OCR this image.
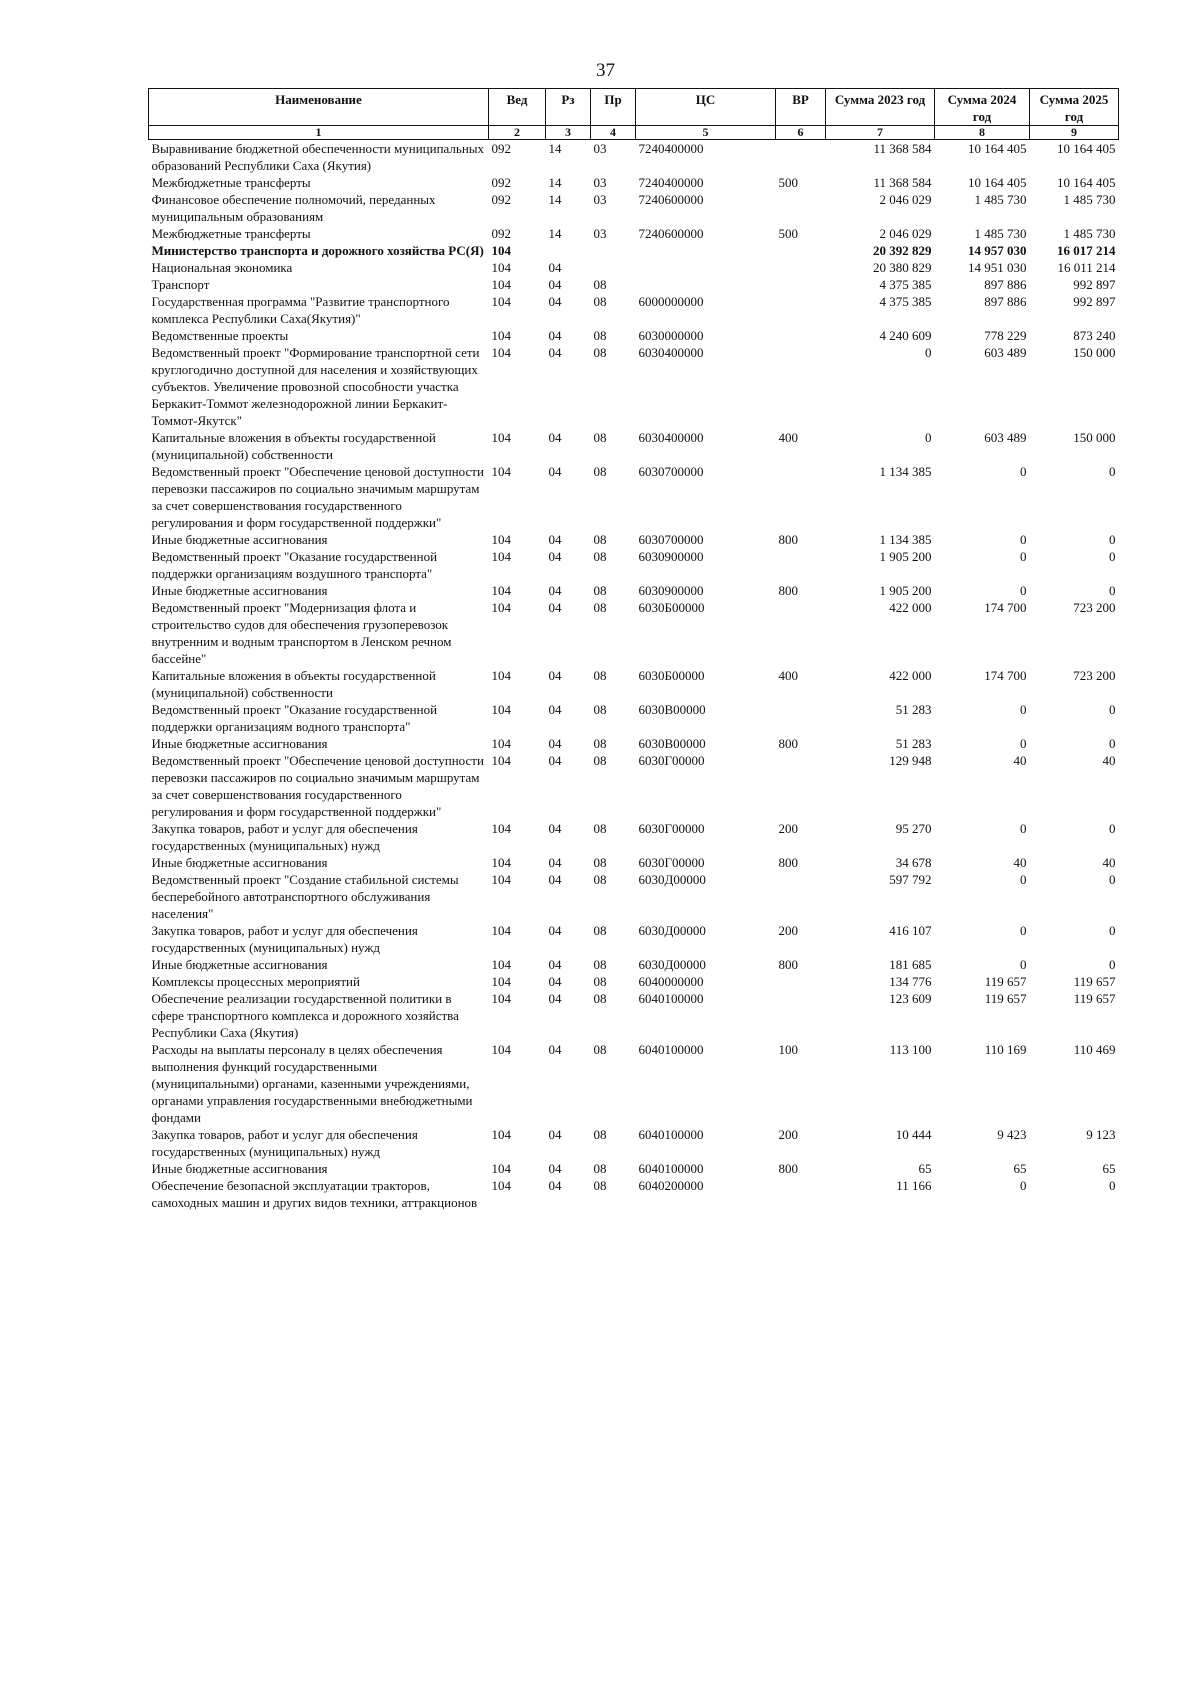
37
Наименование	Вед	Рз	Пр	ЦС	ВР	Сумма 2023 год	Сумма 2024 год	Сумма 2025 год
1	2	3	4	5	6	7	8	9
Выравнивание бюджетной обеспеченности муниципальных образований Республики Саха (Якутия)	092	14	03	7240400000		11 368 584	10 164 405	10 164 405
Межбюджетные трансферты	092	14	03	7240400000	500	11 368 584	10 164 405	10 164 405
Финансовое обеспечение полномочий, переданных муниципальным образованиям	092	14	03	7240600000		2 046 029	1 485 730	1 485 730
Межбюджетные трансферты	092	14	03	7240600000	500	2 046 029	1 485 730	1 485 730
Министерство транспорта и дорожного хозяйства РС(Я)	104					20 392 829	14 957 030	16 017 214
Национальная экономика	104	04				20 380 829	14 951 030	16 011 214
Транспорт	104	04	08			4 375 385	897 886	992 897
Государственная программа "Развитие транспортного комплекса Республики Саха(Якутия)"	104	04	08	6000000000		4 375 385	897 886	992 897
Ведомственные проекты	104	04	08	6030000000		4 240 609	778 229	873 240
Ведомственный проект "Формирование транспортной сети круглогодично доступной для населения и хозяйствующих субъектов. Увеличение провозной способности участка Беркакит-Томмот железнодорожной линии Беркакит-Томмот-Якутск"	104	04	08	6030400000		0	603 489	150 000
Капитальные вложения в объекты государственной (муниципальной) собственности	104	04	08	6030400000	400	0	603 489	150 000
Ведомственный проект "Обеспечение ценовой доступности перевозки пассажиров по социально значимым маршрутам за счет совершенствования государственного регулирования и форм государственной поддержки"	104	04	08	6030700000		1 134 385	0	0
Иные бюджетные ассигнования	104	04	08	6030700000	800	1 134 385	0	0
Ведомственный проект "Оказание государственной поддержки организациям воздушного транспорта"	104	04	08	6030900000		1 905 200	0	0
Иные бюджетные ассигнования	104	04	08	6030900000	800	1 905 200	0	0
Ведомственный проект "Модернизация флота и строительство судов для обеспечения грузоперевозок внутренним и водным транспортом в Ленском речном бассейне"	104	04	08	6030Б00000		422 000	174 700	723 200
Капитальные вложения в объекты государственной (муниципальной) собственности	104	04	08	6030Б00000	400	422 000	174 700	723 200
Ведомственный проект "Оказание государственной поддержки организациям водного транспорта"	104	04	08	6030В00000		51 283	0	0
Иные бюджетные ассигнования	104	04	08	6030В00000	800	51 283	0	0
Ведомственный проект "Обеспечение ценовой доступности перевозки пассажиров по социально значимым маршрутам за счет совершенствования государственного регулирования и форм государственной поддержки"	104	04	08	6030Г00000		129 948	40	40
Закупка товаров, работ и услуг для обеспечения государственных (муниципальных) нужд	104	04	08	6030Г00000	200	95 270	0	0
Иные бюджетные ассигнования	104	04	08	6030Г00000	800	34 678	40	40
Ведомственный проект "Создание стабильной системы бесперебойного автотранспортного обслуживания населения"	104	04	08	6030Д00000		597 792	0	0
Закупка товаров, работ и услуг для обеспечения государственных (муниципальных) нужд	104	04	08	6030Д00000	200	416 107	0	0
Иные бюджетные ассигнования	104	04	08	6030Д00000	800	181 685	0	0
Комплексы процессных мероприятий	104	04	08	6040000000		134 776	119 657	119 657
Обеспечение реализации государственной политики в сфере транспортного комплекса и дорожного хозяйства Республики Саха (Якутия)	104	04	08	6040100000		123 609	119 657	119 657
Расходы на выплаты персоналу в целях обеспечения выполнения функций государственными (муниципальными) органами, казенными учреждениями, органами управления государственными внебюджетными фондами	104	04	08	6040100000	100	113 100	110 169	110 469
Закупка товаров, работ и услуг для обеспечения государственных (муниципальных) нужд	104	04	08	6040100000	200	10 444	9 423	9 123
Иные бюджетные ассигнования	104	04	08	6040100000	800	65	65	65
Обеспечение безопасной эксплуатации тракторов, самоходных машин и других видов техники, аттракционов	104	04	08	6040200000		11 166	0	0
